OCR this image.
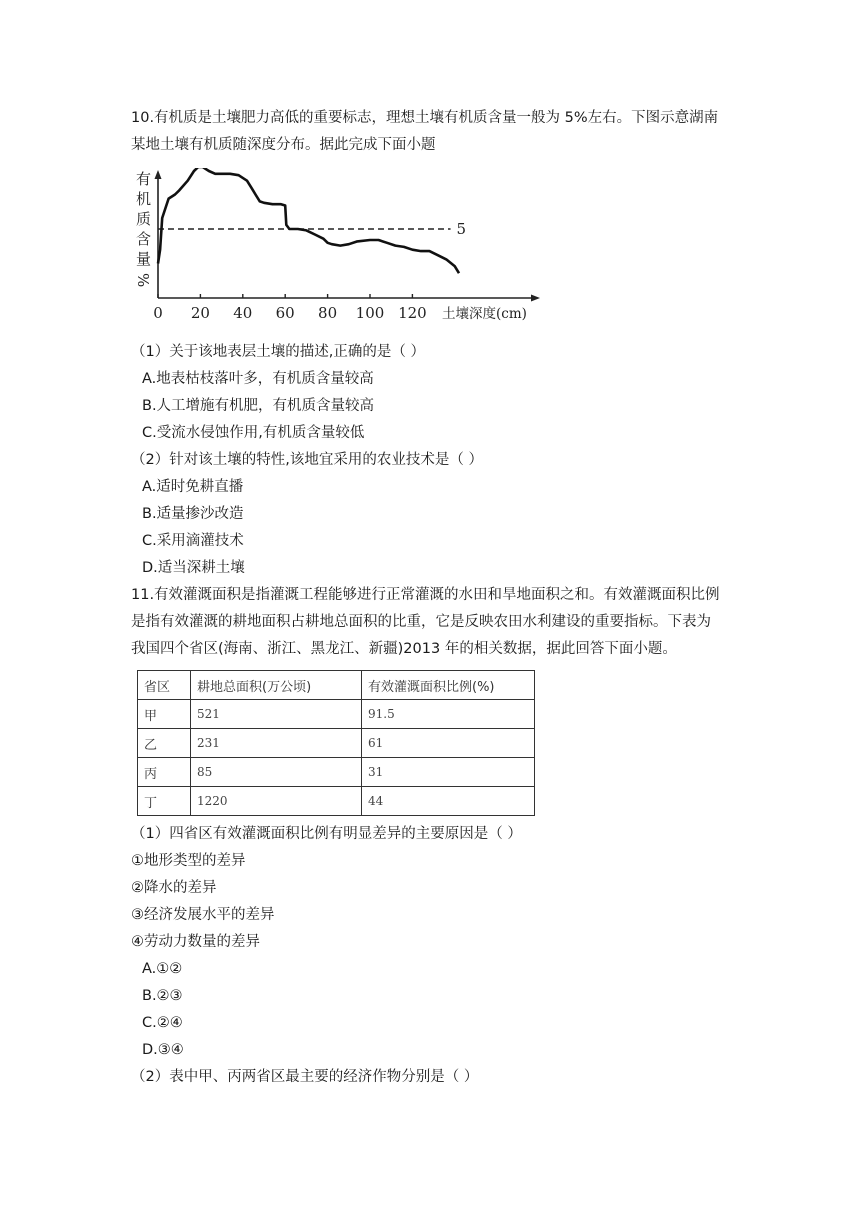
10.有机质是土壤肥力高低的重要标志，理想土壤有机质含量一般为 5%左右。下图示意湖南
某地土壤有机质随深度分布。据此完成下面小题
有
机
质
含
量
%
0 20 40 60 80 100 120
5
土壤深度(cm)
（1）关于该地表层土壤的描述,正确的是（ ）
A.地表枯枝落叶多，有机质含量较高
B.人工增施有机肥，有机质含量较高
C.受流水侵蚀作用,有机质含量较低
（2）针对该土壤的特性,该地宜采用的农业技术是（ ）
A.适时免耕直播
B.适量掺沙改造
C.采用滴灌技术
D.适当深耕土壤
11.有效灌溉面积是指灌溉工程能够进行正常灌溉的水田和旱地面积之和。有效灌溉面积比例
是指有效灌溉的耕地面积占耕地总面积的比重，它是反映农田水利建设的重要指标。下表为
我国四个省区(海南、浙江、黑龙江、新疆)2013 年的相关数据，据此回答下面小题。
省区	耕地总面积(万公顷)	有效灌溉面积比例(%)
甲	521	91.5
乙	231	61
丙	85	31
丁	1220	44
（1）四省区有效灌溉面积比例有明显差异的主要原因是（ ）
①地形类型的差异
②降水的差异
③经济发展水平的差异
④劳动力数量的差异
A.①②
B.②③
C.②④
D.③④
（2）表中甲、丙两省区最主要的经济作物分别是（ ）
